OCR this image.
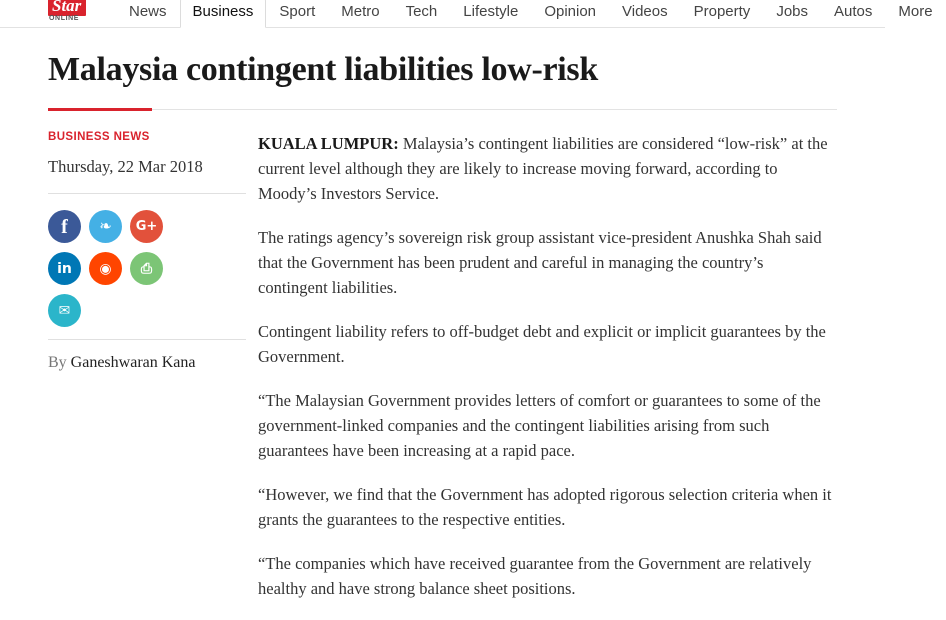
Star
ONLINE	News	Business	Sport	Metro	Tech	Lifestyle	Opinion	Videos	Property	Jobs	Autos	More
Malaysia contingent liabilities low-risk
BUSINESS NEWS
Thursday, 22 Mar 2018
f	❧	G+
in	◉	⎙
✉
By Ganeshwaran Kana

KUALA LUMPUR: Malaysia’s contingent liabilities are considered “low-risk” at the current level although they are likely to increase moving forward, according to Moody’s Investors Service.

The ratings agency’s sovereign risk group assistant vice-president Anushka Shah said that the Government has been prudent and careful in managing the country’s contingent liabilities.

Contingent liability refers to off-budget debt and explicit or implicit guarantees by the Government.

“The Malaysian Government provides letters of comfort or guarantees to some of the government-linked companies and the contingent liabilities arising from such guarantees have been increasing at a rapid pace.

“However, we find that the Government has adopted rigorous selection criteria when it grants the guarantees to the respective entities.

“The companies which have received guarantee from the Government are relatively healthy and have strong balance sheet positions.
